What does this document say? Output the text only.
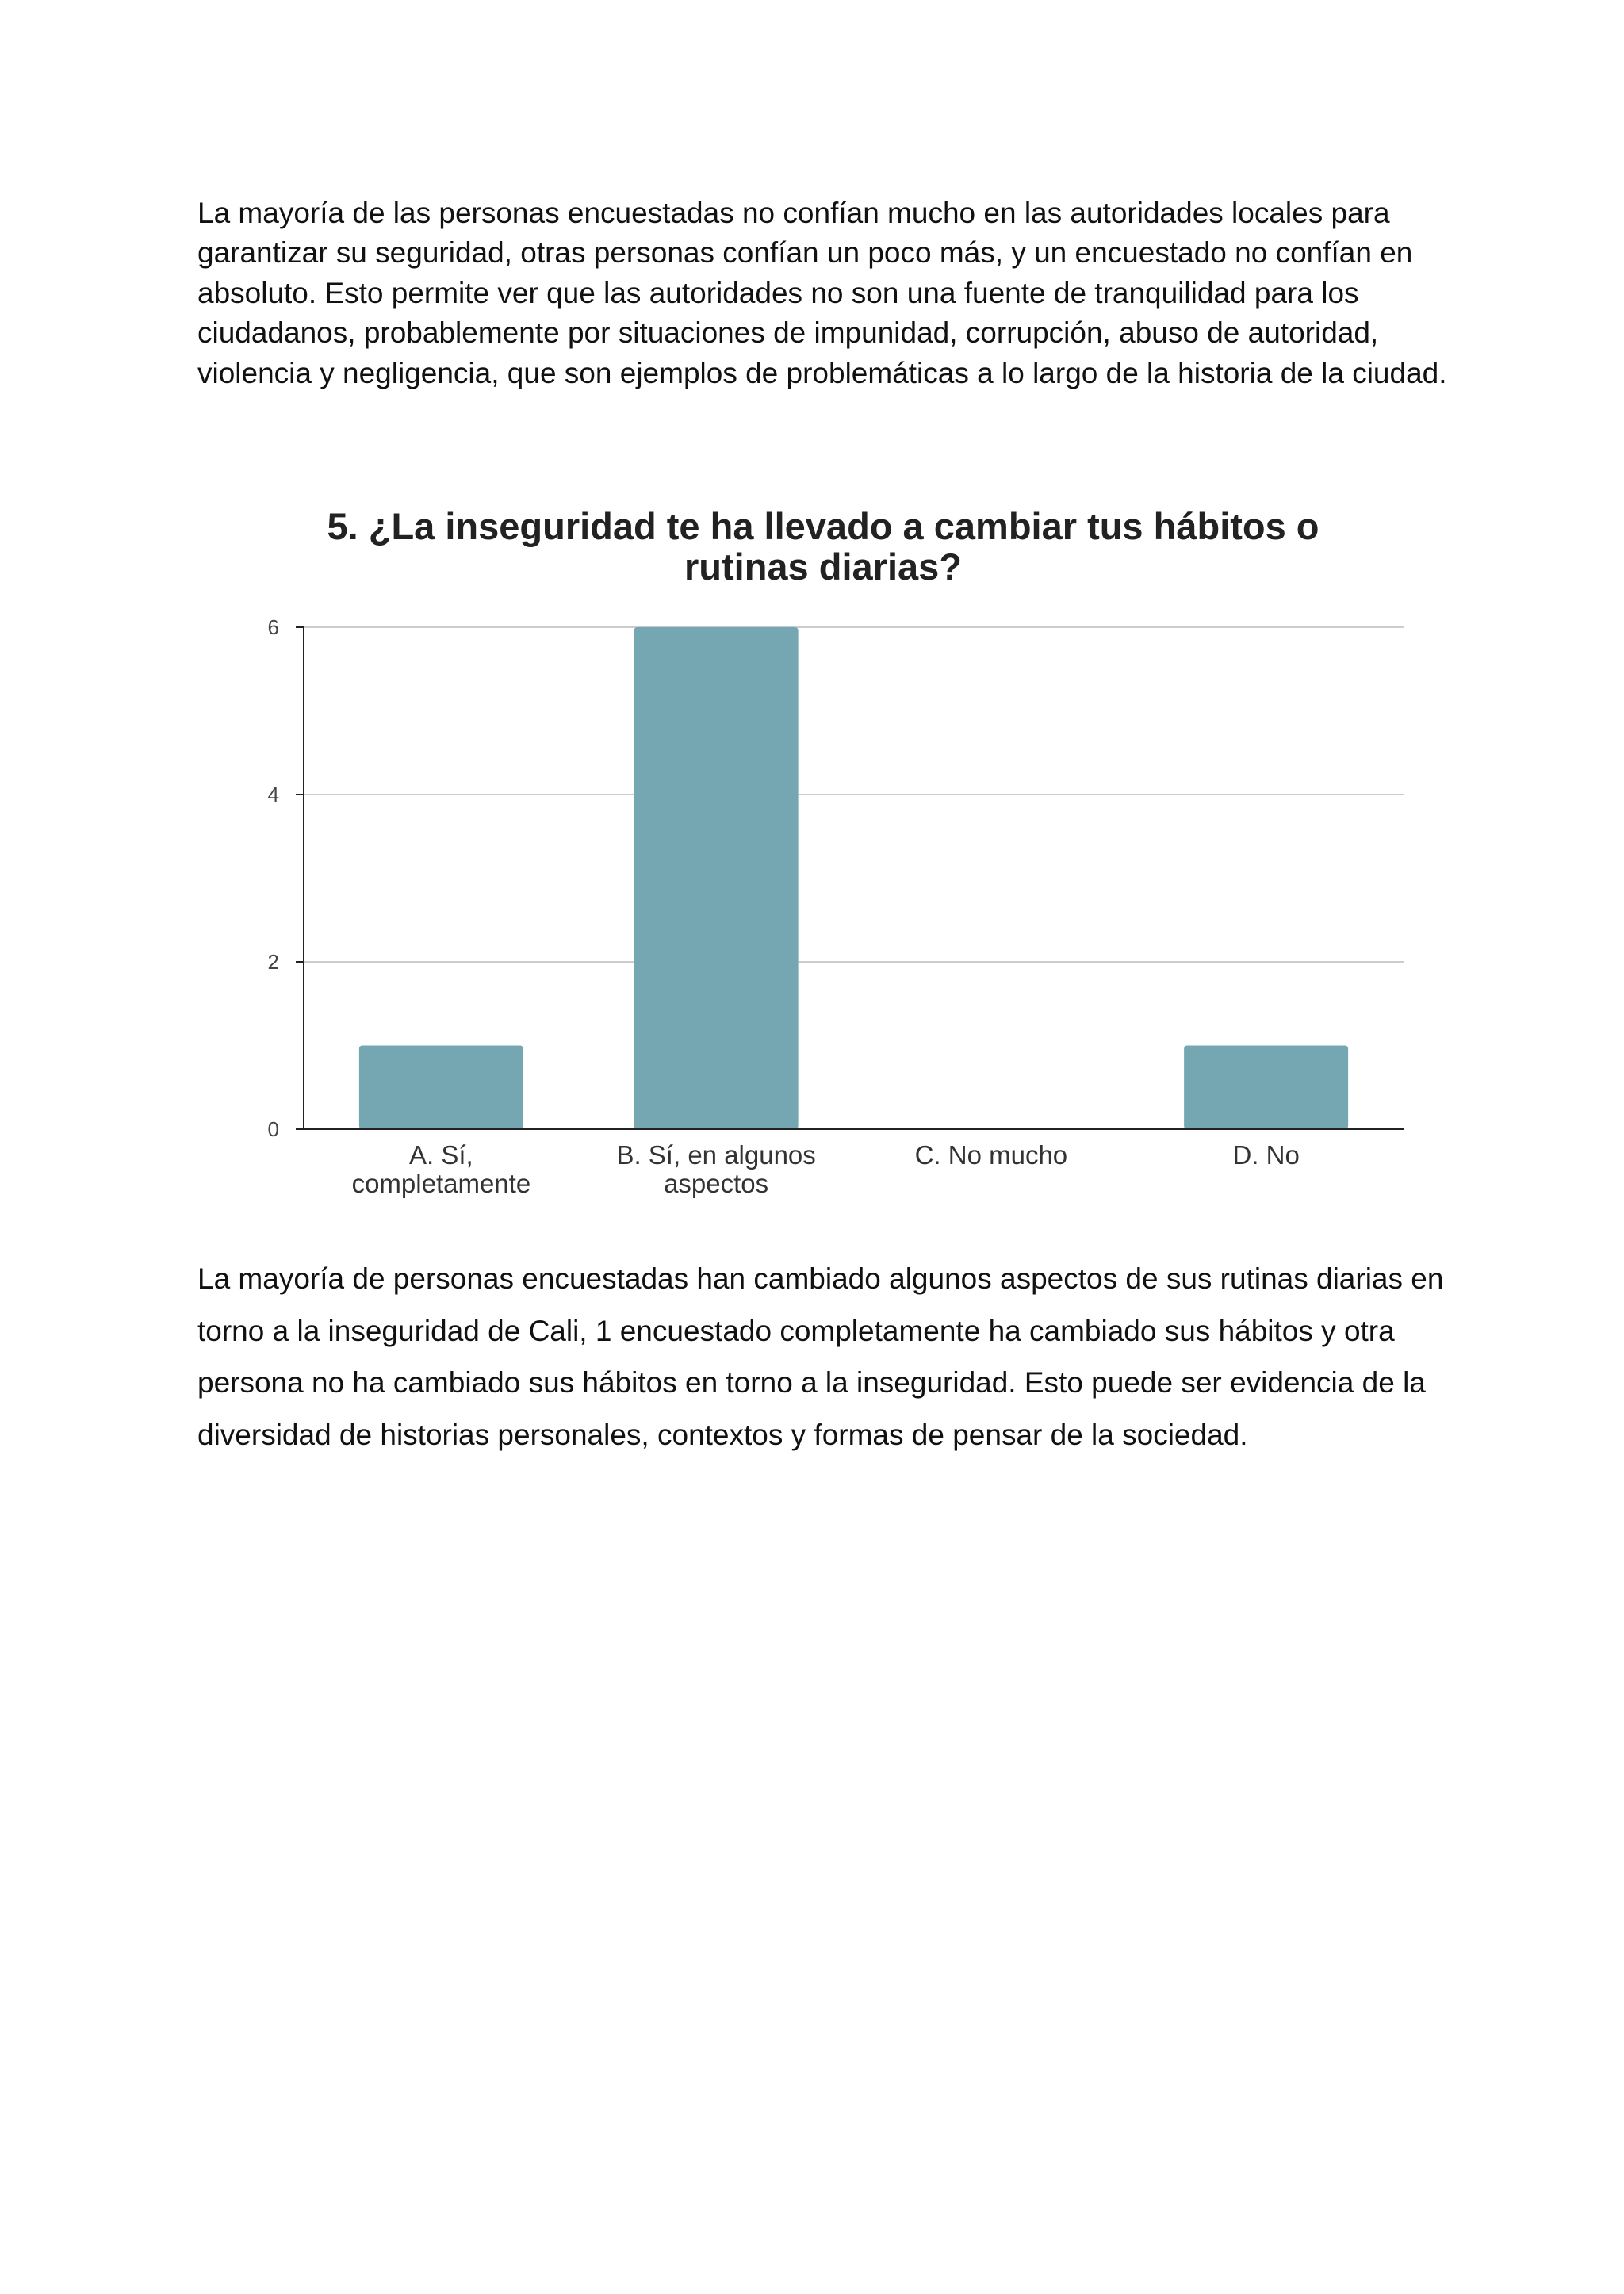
La mayoría de las personas encuestadas no confían mucho en las autoridades locales para garantizar su seguridad, otras personas confían un poco más, y un encuestado no confían en absoluto. Esto permite ver que las autoridades no son una fuente de tranquilidad para los ciudadanos, probablemente por situaciones de impunidad, corrupción, abuso de autoridad, violencia y negligencia, que son ejemplos de problemáticas a lo largo de la historia de la ciudad.

5. ¿La inseguridad te ha llevado a cambiar tus hábitos o
rutinas diarias?
0
2
4
6
A. Sí,
completamente
B. Sí, en algunos
aspectos
C. No mucho	D. No

La mayoría de personas encuestadas han cambiado algunos aspectos de sus rutinas diarias en torno a la inseguridad de Cali, 1 encuestado completamente ha cambiado sus hábitos y otra persona no ha cambiado sus hábitos en torno a la inseguridad. Esto puede ser evidencia de la diversidad de historias personales, contextos y formas de pensar de la sociedad.
